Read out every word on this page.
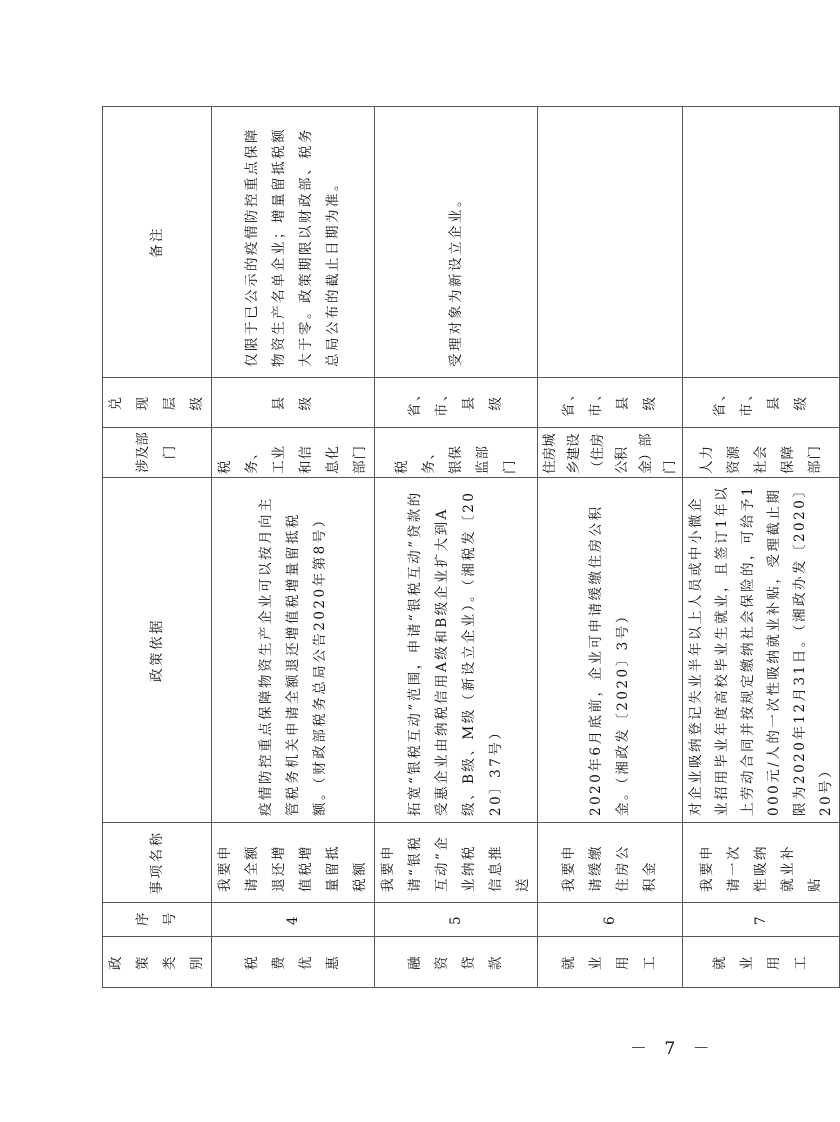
政策类别	序号	事项名称	政策依据	涉及部门	兑现层级	备注
税费优惠	4	我要申请全额退还增值税增量留抵税额	疫情防控重点保障物资生产企业可以按月向主管税务机关申请全额退还增值税增量留抵税额。（财政部税务总局公告2020年第8号）	税务、工业和信息化部门	县级	仅限于已公示的疫情防控重点保障物资生产名单企业；增量留抵税额大于零。政策期限以财政部、税务总局公布的截止日期为准。
融资贷款	5	我要申请“银税互动”企业纳税信息推送	拓宽“银税互动”范围，申请“银税互动”贷款的受惠企业由纳税信用A级和B级企业扩大到A级、B级、M级（新设立企业）。（湘税发〔2020〕37号）	税务、银保监部门	省、市、县级	受理对象为新设立企业。
就业用工	6	我要申请缓缴住房公积金	2020年6月底前，企业可申请缓缴住房公积金。（湘政发〔2020〕3号）	住房城乡建设（住房公积金）部门	省、市、县级	
就业用工	7	我要申请一次性吸纳就业补贴	对企业吸纳登记失业半年以上人员或中小微企业招用毕业年度高校毕业生就业，且签订1年以上劳动合同并按规定缴纳社会保险的，可给予1000元/人的一次性吸纳就业补贴，受理截止期限为2020年12月31日。（湘政办发〔2020〕20号）	人力资源社会保障部门	省、市、县级	
－ 7 －
